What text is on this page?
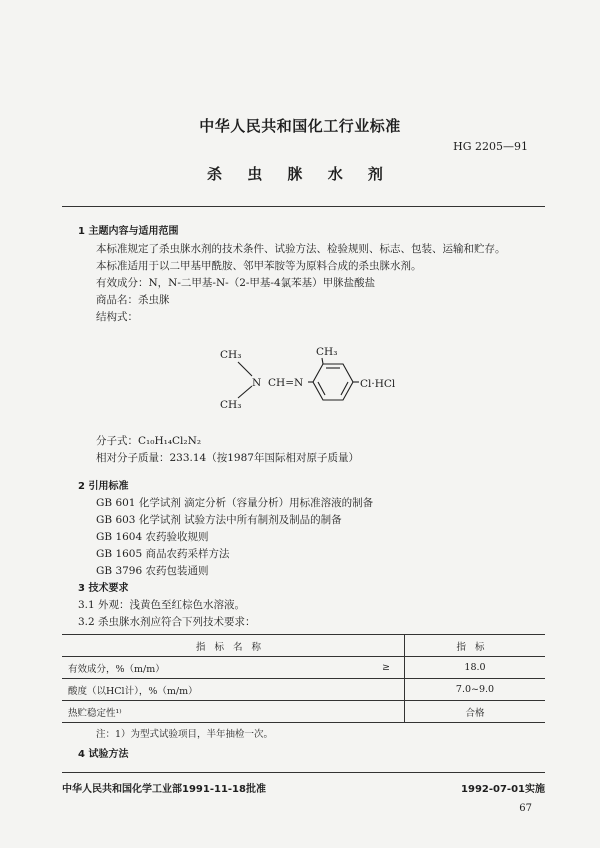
中华人民共和国化工行业标准
HG 2205—91
杀 虫 脒 水 剂
1 主题内容与适用范围
本标准规定了杀虫脒水剂的技术条件、试验方法、检验规则、标志、包装、运输和贮存。
本标准适用于以二甲基甲酰胺、邻甲苯胺等为原料合成的杀虫脒水剂。
有效成分：N，N-二甲基-N-（2-甲基-4氯苯基）甲脒盐酸盐
商品名：杀虫脒
结构式：
CH₃
CH₃
N CH=N
CH₃
Cl·HCl
分子式：C₁₀H₁₄Cl₂N₂
相对分子质量：233.14（按1987年国际相对原子质量）
2 引用标准
GB 601 化学试剂 滴定分析（容量分析）用标准溶液的制备
GB 603 化学试剂 试验方法中所有制剂及制品的制备
GB 1604 农药验收规则
GB 1605 商品农药采样方法
GB 3796 农药包装通则
3 技术要求
3.1 外观：浅黄色至红棕色水溶液。
3.2 杀虫脒水剂应符合下列技术要求：
指标名称		指标
有效成分，%（m/m）	≥	18.0
酸度（以HCl计），%（m/m）		7.0~9.0
热贮稳定性¹⁾		合格
注：1）为型式试验项目，半年抽检一次。
4 试验方法
中华人民共和国化学工业部1991-11-18批准	1992-07-01实施
67
